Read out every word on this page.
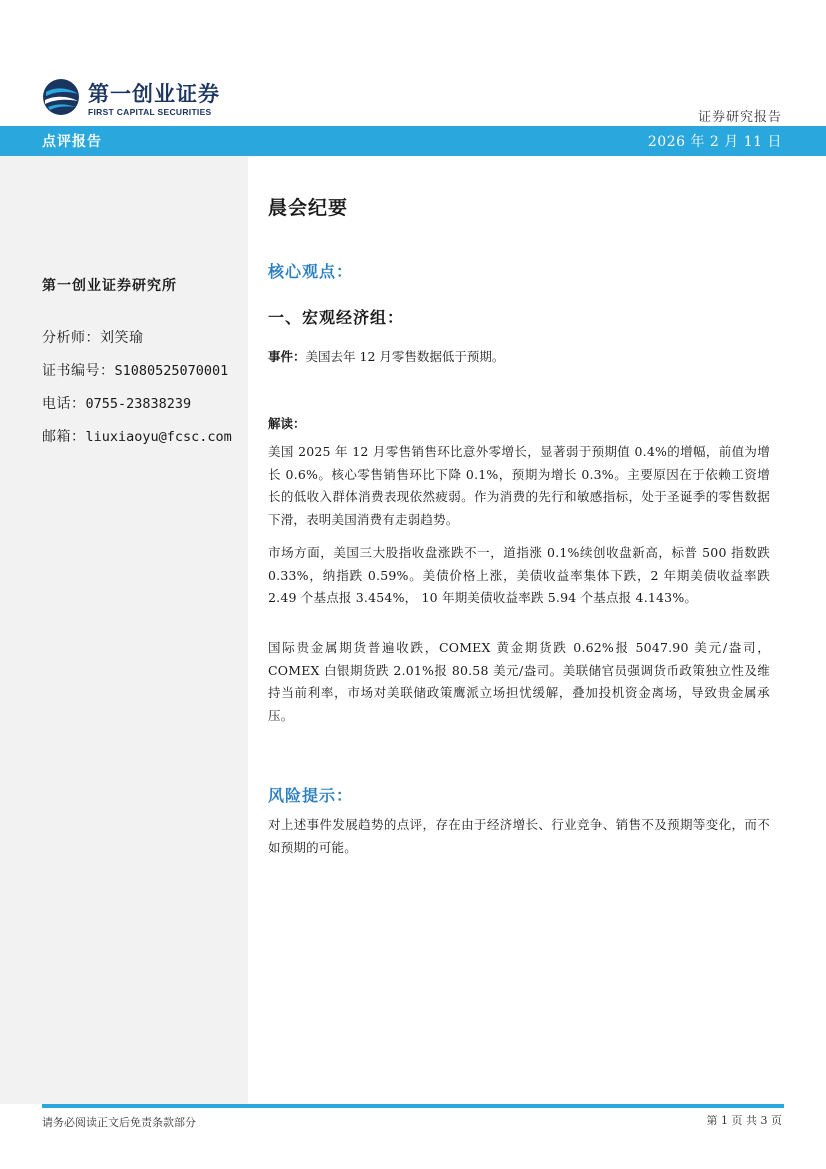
第一创业证券
FIRST CAPITAL SECURITIES	证券研究报告
点评报告	2026 年 2 月 11 日
第一创业证券研究所
分析师：刘笑瑜
证书编号：S1080525070001
电话：0755-23838239
邮箱：liuxiaoyu@fcsc.com
晨会纪要
核心观点：
一、宏观经济组：
事件：美国去年 12 月零售数据低于预期。
解读：
美国 2025 年 12 月零售销售环比意外零增长，显著弱于预期值 0.4%的增幅，前值为增长 0.6%。核心零售销售环比下降 0.1%，预期为增长 0.3%。主要原因在于依赖工资增长的低收入群体消费表现依然疲弱。作为消费的先行和敏感指标，处于圣诞季的零售数据下滑，表明美国消费有走弱趋势。
市场方面，美国三大股指收盘涨跌不一，道指涨 0.1%续创收盘新高，标普 500 指数跌 0.33%，纳指跌 0.59%。美债价格上涨，美债收益率集体下跌，2 年期美债收益率跌 2.49 个基点报 3.454%， 10 年期美债收益率跌 5.94 个基点报 4.143%。
国际贵金属期货普遍收跌，COMEX 黄金期货跌 0.62%报 5047.90 美元/盎司，COMEX 白银期货跌 2.01%报 80.58 美元/盎司。美联储官员强调货币政策独立性及维持当前利率，市场对美联储政策鹰派立场担忧缓解，叠加投机资金离场，导致贵金属承压。
风险提示：
对上述事件发展趋势的点评，存在由于经济增长、行业竞争、销售不及预期等变化，而不如预期的可能。
请务必阅读正文后免责条款部分	第 1 页 共 3 页
